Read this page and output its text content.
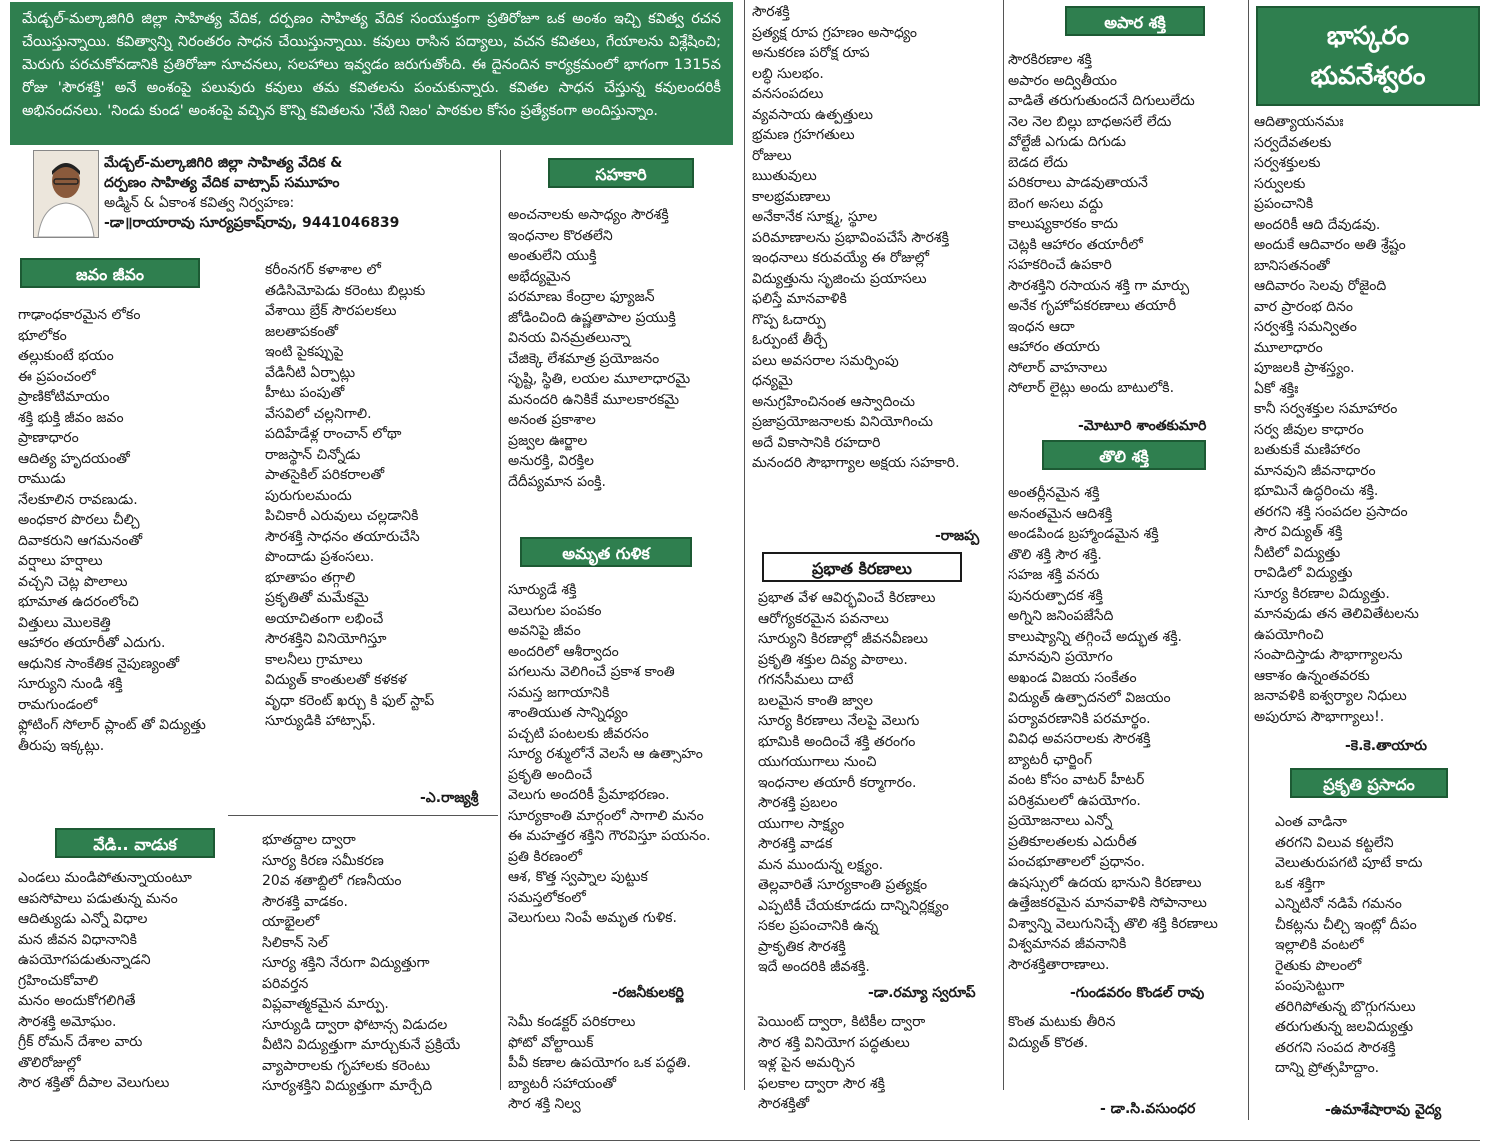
మేడ్చల్-మల్కాజిగిరి జిల్లా సాహిత్య వేదిక, దర్పణం సాహిత్య వేదిక సంయుక్తంగా ప్రతిరోజూ ఒక అంశం ఇచ్చి కవిత్వ రచన చేయిస్తున్నాయి. కవిత్వాన్ని నిరంతరం సాధన చేయిస్తున్నాయి. కవులు రాసిన పద్యాలు, వచన కవితలు, గేయాలను విశ్లేషించి; మెరుగు పరచుకోవడానికి ప్రతిరోజూ సూచనలు, సలహాలు ఇవ్వడం జరుగుతోంది. ఈ దైనందిన కార్యక్రమంలో భాగంగా 1315వ రోజు 'సౌరశక్తి' అనే అంశంపై పలువురు కవులు తమ కవితలను పంచుకున్నారు. కవితల సాధన చేస్తున్న కవులందరికీ అభినందనలు. 'నిండు కుండ' అంశంపై వచ్చిన కొన్ని కవితలను 'నేటి నిజం' పాఠకుల కోసం ప్రత్యేకంగా అందిస్తున్నాం.
భాస్కరం
భువనేశ్వరం
మేడ్చల్-మల్కాజిగిరి జిల్లా సాహిత్య వేదిక &
దర్పణం సాహిత్య వేదిక వాట్సాప్ సమూహం
అడ్మిన్ & ఏకాంశ కవిత్వ నిర్వహణ:
-డా॥రాయారావు సూర్యప్రకాష్‌రావు, 9441046839
జవం జీవం
గాఢాంధకారమైన లోకం
భూలోకం
తల్లుకుంటే భయం
ఈ ప్రపంచంలో
ప్రాణికోటిమాయం
శక్తి భుక్తి జీవం జవం
ప్రాణాధారం
ఆదిత్య హృదయంతో
రాముడు
నేలకూలిన రావణుడు.
అంధకార పొరలు చీల్చి
దివాకరుని ఆగమనంతో
వర్షాలు హర్షాలు
వచ్చని చెట్ల పొలాలు
భూమాత ఉదరంలోంచి
విత్తులు మొలకెత్తి
ఆహారం తయారీతో ఎదుగు.
ఆధునిక సాంకేతిక నైపుణ్యంతో
సూర్యుని నుండి శక్తి
రామగుండంలో
ఫ్లోటింగ్ సోలార్ ప్లాంట్ తో విద్యుత్తు
తీరుపు ఇక్కట్లు.
కరీంనగర్ కళాశాల లో
తడిసిమోపెడు కరెంటు బిల్లుకు
వేశాయి బ్రేక్ సౌరపలకలు
జలతాపకంతో
ఇంటి పైకప్పుపై
వేడినీటి ఏర్పాట్లు
హీటు పంపుతో
వేసవిలో చల్లనిగాలి.
పదిహేడేళ్ల రాంచాన్ లోథా
రాజస్థాన్ చిన్నోడు
పాతసైకిల్ పరికరాలతో
పురుగులమందు
పిచికారీ ఎరువులు చల్లడానికి
సౌరశక్తి సాధనం తయారుచేసి
పొందాడు ప్రశంసలు.
భూతాపం తగ్గాలి
ప్రకృతితో మమేకమై
అయాచితంగా లభించే
సౌరశక్తిని వినియోగిస్తూ
కాలనీలు గ్రామాలు
విద్యుత్ కాంతులతో కళకళ
వృధా కరెంట్ ఖర్చు కి ఫుల్ స్టాప్
సూర్యుడికి హాట్సాఫ్.
-ఎ.రాజ్యశ్రీ
వేడి.. వాడుక
ఎండలు మండిపోతున్నాయంటూ
ఆపసోపాలు పడుతున్న మనం
ఆదిత్యుడు ఎన్నో విధాల
మన జీవన విధానానికి
ఉపయోగపడుతున్నాడని
గ్రహించుకోవాలి
మనం అందుకోగలిగితే
సౌరశక్తి అమోఘం.
గ్రీక్ రోమన్ దేశాల వారు
తొలిరోజుల్లో
సౌర శక్తితో దీపాల వెలుగులు
భూతద్దాల ద్వారా
సూర్య కిరణ సమీకరణ
20వ శతాబ్దిలో గణనీయం
సౌరశక్తి వాడకం.
యాభైలలో
సిలికాన్ సెల్
సూర్య శక్తిని నేరుగా విద్యుత్తుగా
పరివర్తన
విప్లవాత్మకమైన మార్పు.
సూర్యుడి ద్వారా ఫోటాన్స విడుదల
వీటిని విద్యుత్తుగా మార్చుకునే ప్రక్రియే
వ్యాపారాలకు గృహాలకు కరెంటు
సూర్యశక్తిని విద్యుత్తుగా మార్చేది
సెమీ కండక్టర్ పరికరాలు
ఫోటో వోల్టాయిక్
పీవీ కణాల ఉపయోగం ఒక పద్ధతి.
బ్యాటరీ సహాయంతో
సౌర శక్తి నిల్వ
పెయింట్ ద్వారా, కిటికీల ద్వారా
సౌర శక్తి వినియోగ పద్ధతులు
ఇళ్ల పైన అమర్చిన
ఫలకాల ద్వారా సౌర శక్తి
సౌరశక్తితో
కొంత మటుకు తీరిన
విద్యుత్ కొరత.
- డా.సి.వసుంధర
సహకారి
అంచనాలకు అసాధ్యం సౌరశక్తి
ఇంధనాల కొరతలేని
అంతులేని యుక్తి
అభేద్యమైన
పరమాణు కేంద్రాల ఫ్యూజన్
జోడించింది ఉష్ణతాపాల ప్రయుక్తి
వినయ వినమ్రతలున్నా
చేజిక్కె లేశమాత్ర ప్రయోజనం
సృష్టి, స్థితి, లయల మూలాధారమై
మనందరి ఉనికికే మూలకారకమై
అనంత ప్రకాశాల
ప్రజ్వల ఊర్జాల
అనురక్తి, విరక్తిల
దేదీప్యమాన పంక్తి.
సౌరశక్తి
ప్రత్యక్ష రూప గ్రహణం అసాధ్యం
అనుకరణ పరోక్ష రూప
లబ్ధి సులభం.
వనసంపదలు
వ్యవసాయ ఉత్పత్తులు
భ్రమణ గ్రహగతులు
రోజులు
ఋతువులు
కాలభ్రమణాలు
అనేకానేక సూక్ష్మ, స్థూల
పరిమాణాలను ప్రభావింపచేసే సౌరశక్తి
ఇంధనాలు కరువయ్యే ఈ రోజుల్లో
విద్యుత్తును సృజించు ప్రయాసలు
ఫలిస్తే మానవాళికి
గొప్ప ఓదార్పు
ఓర్పుంటే తీర్చే
పలు అవసరాల సమర్పింపు
ధన్యమై
అనుగ్రహించినంత ఆస్వాదించు
ప్రజాప్రయోజనాలకు వినియోగించు
అదే వికాసానికి రహదారి
మనందరి సౌభాగ్యాల అక్షయ సహకారి.
-రాజప్ప
అమృత గుళిక
సూర్యుడే శక్తి
వెలుగుల పంపకం
అవనిపై జీవం
అందరిలో ఆశీర్వాదం
పగలును వెలిగించే ప్రకాశ కాంతి
సమస్త జగాయానికి
శాంతియుత సాన్నిధ్యం
పచ్చటి పంటలకు జీవరసం
సూర్య రశ్ములోనే వెలసే ఆ ఉత్సాహం
ప్రకృతి అందించే
వెలుగు అందరికీ ప్రేమాభరణం.
సూర్యకాంతి మార్గంలో సాగాలి మనం
ఈ మహత్తర శక్తిని గౌరవిస్తూ పయనం.
ప్రతి కిరణంలో
ఆశ, కొత్త స్వప్నాల పుట్టుక
సమస్తలోకంలో
వెలుగులు నింపే అమృత గుళిక.
-రజనీకులకర్ణి
ప్రభాత కిరణాలు
ప్రభాత వేళ ఆవిర్భవించే కిరణాలు
ఆరోగ్యకరమైన పవనాలు
సూర్యుని కిరణాల్లో జీవనవీణలు
ప్రకృతి శక్తుల దివ్య పాఠాలు.
గగనసీమలు దాటే
బలమైన కాంతి జ్వాల
సూర్య కిరణాలు నేలపై వెలుగు
భూమికి అందించే శక్తి తరంగం
యుగయుగాలు నుంచి
ఇంధనాల తయారీ కర్మాగారం.
సౌరశక్తి ప్రబలం
యుగాల సాక్ష్యం
సౌరశక్తి వాడక
మన ముందున్న లక్ష్యం.
తెల్లవారితే సూర్యకాంతి ప్రత్యక్షం
ఎప్పటికీ చేయకూడదు దాన్నినిర్లక్ష్యం
సకల ప్రపంచానికి ఉన్న
ప్రాకృతిక సౌరశక్తి
ఇదే అందరికి జీవశక్తి.
-డా.రమ్యా స్వరూప్
అపార శక్తి
సౌరకిరణాల శక్తి
అపారం అద్వితీయం
వాడితే తరుగుతుందనే దిగులులేదు
నెల నెల బిల్లు బాధఅసలే లేదు
వోల్టేజీ ఎగుడు దిగుడు
బెడద లేదు
పరికరాలు పాడవుతాయనే
బెంగ అసలు వద్దు
కాలుష్యకారకం కాదు
చెట్లకి ఆహారం తయారీలో
సహకరించే ఉపకారి
సౌరశక్తిని రసాయన శక్తి గా మార్పు
అనేక గృహోపకరణాలు తయారీ
ఇంధన ఆదా
ఆహారం తయారు
సోలార్ వాహనాలు
సోలార్ లైట్లు అందు బాటులోకి.
-మోటూరి శాంతకుమారి
తొలి శక్తి
అంతర్లీనమైన శక్తి
అనంతమైన ఆదిశక్తి
అండపిండ బ్రహ్మాండమైన శక్తి
తొలి శక్తి సౌర శక్తి.
సహజ శక్తి వనరు
పునరుత్పాదక శక్తి
అగ్నిని జనింపజేసేది
కాలుష్యాన్ని తగ్గించే అద్భుత శక్తి.
మానవుని ప్రయోగం
అఖండ విజయ సంకేతం
విద్యుత్ ఉత్పాదనలో విజయం
పర్యావరణానికి పరమార్థం.
వివిధ అవసరాలకు సౌరశక్తి
బ్యాటరీ ఛార్జింగ్
వంట కోసం వాటర్ హీటర్
పరిశ్రమలలో ఉపయోగం.
ప్రయోజనాలు ఎన్నో
ప్రతికూలతలకు ఎదురీత
పంచభూతాలలో ప్రధానం.
ఉషస్సులో ఉదయ భానుని కిరణాలు
ఉత్తేజకరమైన మానవాళికి సోపానాలు
విశ్వాన్ని వెలుగునిచ్చే తొలి శక్తి కిరణాలు
విశ్వమానవ జీవనానికి
సౌరశక్తితారాణాలు.
-గుండవరం కొండల్ రావు
ఆదిత్యాయనమః
సర్వదేవతలకు
సర్వశక్తులకు
సర్వులకు
ప్రపంచానికి
అందరికీ ఆది దేవుడవు.
అందుకే ఆదివారం అతి శ్రేష్టం
బానిసతనంతో
ఆదివారం సెలవు రోజైంది
వార ప్రారంభ దినం
సర్వశక్తి సమన్వితం
మూలాధారం
పూజలకి ప్రాశస్త్యం.
ఏకో శక్తిః
కానీ సర్వశక్తుల సమాహారం
సర్వ జీవుల కాధారం
బతుకుకే మణిహారం
మానవుని జీవనాధారం
భూమినే ఉద్ధరించు శక్తి.
తరగని శక్తి సంపదల ప్రసాదం
సౌర విద్యుత్ శక్తి
నీటిలో విద్యుత్తు
రావిడిలో విద్యుత్తు
సూర్య కిరణాల విద్యుత్తు.
మానవుడు తన తెలివితేటలను
ఉపయోగించి
సంపాదిస్తాడు సౌభాగ్యాలను
ఆకాశం ఉన్నంతవరకు
జనావళికి ఐశ్వర్యాల నిధులు
అపురూప సౌభాగ్యాలు!.
-కె.కె.తాయారు
ప్రకృతి ప్రసాదం
ఎంత వాడినా
తరగని విలువ కట్టలేని
వెలుతురుపగటి పూటే కాదు
ఒక శక్తిగా
ఎన్నిటినో నడిపే గమనం
చీకట్లను చీల్చి ఇంట్లో దీపం
ఇల్లాలికి వంటలో
రైతుకు పొలంలో
పంపుసెట్టుగా
తరిగిపోతున్న బొగ్గుగనులు
తరుగుతున్న జలవిద్యుత్తు
తరగని సంపద సౌరశక్తి
దాన్ని ప్రోత్సహిద్దాం.
-ఉమాశేషారావు వైద్య
